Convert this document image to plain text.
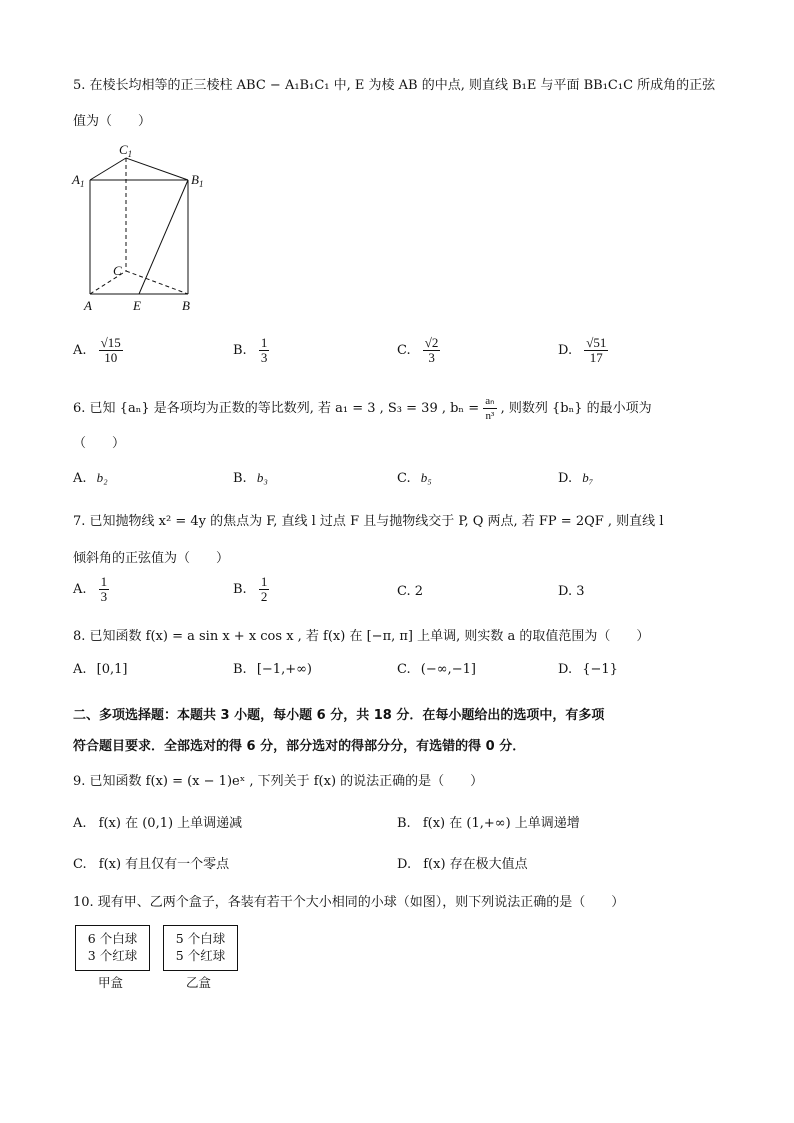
5. 在棱长均相等的正三棱柱 ABC − A₁B₁C₁ 中, E 为棱 AB 的中点, 则直线 B₁E 与平面 BB₁C₁C 所成角的正弦
值为（　　）
$C_1$
$A_1$	$B_1$
C
A	E	B
A. $\frac{√15}{10}$	B. $\frac{1}{3}$	C. $\frac{√2}{3}$	D. $\frac{√51}{17}$
6. 已知 {aₙ} 是各项均为正数的等比数列, 若 a₁ = 3 , S₃ = 39 , $b_n = \frac{\text{aₙ}}{\text{n³}}$ , 则数列 {bₙ} 的最小项为
（　　）
A. b₂	B. b₃	C. b₅	D. b₇
7. 已知抛物线 x² = 4y 的焦点为 F, 直线 l 过点 F 且与抛物线交于 P, Q 两点, 若 FP = 2QF , 则直线 l
倾斜角的正弦值为（　　）
A. $\frac{1}{3}$	B. $\frac{1}{2}$	C. 2	D. 3
8. 已知函数 f(x) = a sin x + x cos x , 若 f(x) 在 [−π, π] 上单调, 则实数 a 的取值范围为（　　）
A. [0,1]	B. [−1,+∞)	C. (−∞,−1]	D. {−1}
二、多项选择题：本题共 3 小题，每小题 6 分，共 18 分．在每小题给出的选项中，有多项
符合题目要求．全部选对的得 6 分，部分选对的得部分分，有选错的得 0 分．
9. 已知函数 f(x) = (x − 1)eˣ , 下列关于 f(x) 的说法正确的是（　　）
A. f(x) 在 (0,1) 上单调递减	B. f(x) 在 (1,+∞) 上单调递增
C. f(x) 有且仅有一个零点	D. f(x) 存在极大值点
10. 现有甲、乙两个盒子，各装有若干个大小相同的小球（如图），则下列说法正确的是（　　）
6 个白球
3 个红球
甲盒
5 个白球
5 个红球
乙盒
